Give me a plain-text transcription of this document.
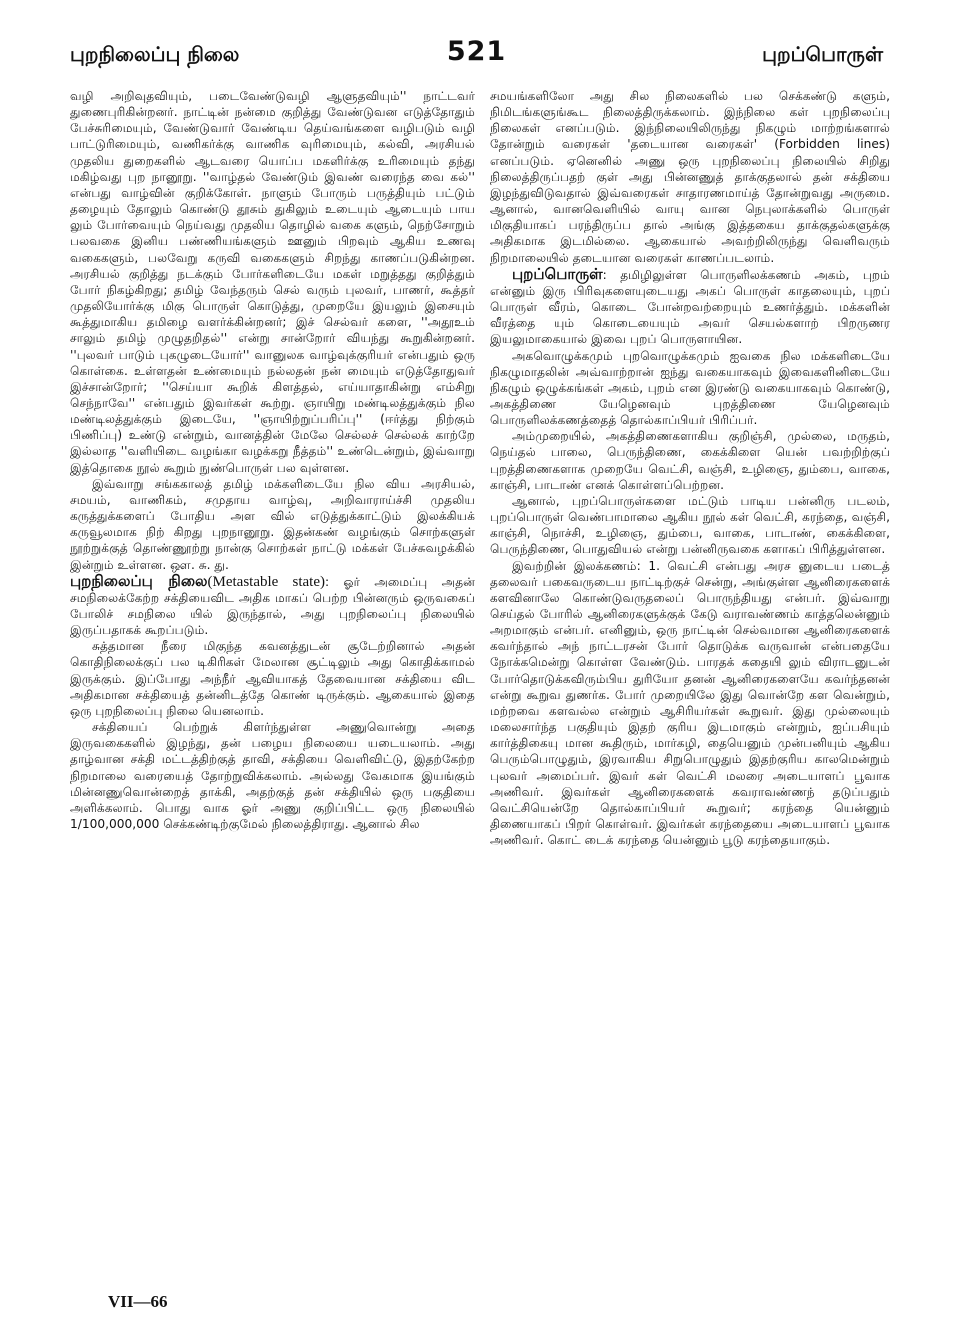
புறநிலைப்பு நிலை	521	புறப்பொருள்

வழி அறிவுதவியும், படைவேண்டுவழி ஆளுதவியும்'' நாட்டவர் துணைபுரிகின்றனர். நாட்டின் நன்மை குறித்து வேண்டுவன எடுத்தோதும் பேச்சுரிமையும், வேண்டுவார் வேண்டிய தெய்வங்களை வழிபடும் வழி பாட்டுரிமையும், வணிகர்க்கு வாணிக வுரிமையும், கல்வி, அரசியல் முதலிய துறைகளில் ஆடவரை யொப்ப மகளிர்க்கு உரிமையும் தந்து மகிழ்வது புற நானூறு. ''வாழ்தல் வேண்டும் இவண் வரைந்த வை கல்'' என்பது வாழ்வின் குறிக்கோள். நாளும் போரும் பருத்தியும் பட்டும் தழையும் தோலும் கொண்டு தூசும் துகிலும் உடையும் ஆடையும் பாய லும் போர்வையும் நெய்வது முதலிய தொழில் வகை களும், நெற்சோறும் பலவகை இனிய பண்ணியங்களும் ஊனும் பிறவும் ஆகிய உணவு வகைகளும், பலவேறு கருவி வகைகளும் சிறந்து காணப்படுகின்றன. அரசியல் குறித்து நடக்கும் போர்களிடையே மகள் மறுத்தது குறித்தும் போர் நிகழ்கிறது; தமிழ் வேந்தரும் செல் வரும் புலவர், பாணர், கூத்தர் முதலியோர்க்கு மிகு பொருள் கொடுத்து, முறையே இயலும் இசையும் கூத்துமாகிய தமிழை வளர்க்கின்றனர்; இச் செல்வர் களை, ''அதூஉம் சாலும் தமிழ் முழுதறிதல்'' என்று சான்றோர் வியந்து கூறுகின்றனர். ''புலவர் பாடும் புகழுடையோர்'' வானுலக வாழ்வுக்குரியர் என்பதும் ஒரு கொள்கை. உள்ளதன் உண்மையும் நல்லதன் நன் மையும் எடுத்தோதுவர் இச்சான்றோர்; ''செய்யா கூறிக் கிளத்தல், எய்யாதாகின்று எம்சிறு செந்நாவே'' என்பதும் இவர்கள் கூற்று. ஞாயிறு மண்டிலத்துக்கும் நில மண்டிலத்துக்கும் இடையே, ''ஞாயிற்றுப்பரிப்பு'' (ஈர்த்து நிற்கும் பிணிப்பு) உண்டு என்றும், வானத்தின் மேலே செல்லச் செல்லக் காற்றே இல்லாத ''வளியிடை வழங்கா வழக்கறு நீத்தம்'' உண்டென்றும், இவ்வாறு இத்தொகை நூல் கூறும் நுண்பொருள் பல வுள்ளன.

இவ்வாறு சங்ககாலத் தமிழ் மக்களிடையே நில விய அரசியல், சமயம், வாணிகம், சமுதாய வாழ்வு, அறிவாராய்ச்சி முதலிய கருத்துக்களைப் போதிய அள வில் எடுத்துக்காட்டும் இலக்கியக் கருவூலமாக நிற் கிறது புறநானூறு. இதன்கண் வழங்கும் சொற்களுள் நூற்றுக்குத் தொண்ணூற்று நான்கு சொற்கள் நாட்டு மக்கள் பேச்சுவழக்கில் இன்றும் உள்ளன. ஔ. சு. து.

புறநிலைப்பு நிலை(Metastable state): ஓர் அமைப்பு அதன் சமநிலைக்கேற்ற சக்தியைவிட அதிக மாகப் பெற்ற பின்னரும் ஒருவகைப் போலிச் சமநிலை யில் இருந்தால், அது புறநிலைப்பு நிலையில் இருப்பதாகக் கூறப்படும்.

சுத்தமான நீரை மிகுந்த கவனத்துடன் சூடேற்றினால் அதன் கொதிநிலைக்குப் பல டிகிரிகள் மேலான சூட்டிலும் அது கொதிக்காமல் இருக்கும். இப்போது அந்நீர் ஆவியாகத் தேவையான சக்தியை விட அதிகமான சக்தியைத் தன்னிடத்தே கொண் டிருக்கும். ஆகையால் இதை ஒரு புறநிலைப்பு நிலை யெனலாம்.

சக்தியைப் பெற்றுக் கிளர்ந்துள்ள அணுவொன்று அதை இருவகைகளில் இழந்து, தன் பழைய நிலையை யடையலாம். அது தாழ்வான சக்தி மட்டத்திற்குத் தாவி, சக்தியை வெளிவிட்டு, இதற்கேற்ற நிறமாலை வரையைத் தோற்றுவிக்கலாம். அல்லது வேகமாக இயங்கும் மின்னணுவொன்றைத் தாக்கி, அதற்குத் தன் சக்தியில் ஒரு பகுதியை அளிக்கலாம். பொது வாக ஓர் அணு குறிப்பிட்ட ஒரு நிலையில் 1/100,000,000 செக்கண்டிற்குமேல் நிலைத்திராது. ஆனால் சில

சமயங்களிலோ அது சில நிலைகளில் பல செக்கண்டு களும், நிமிடங்களுங்கூட நிலைத்திருக்கலாம். இந்நிலை கள் புறநிலைப்பு நிலைகள் எனப்படும். இந்நிலையிலிருந்து நிகழும் மாற்றங்களால் தோன்றும் வரைகள் 'தடையான வரைகள்' (Forbidden lines) எனப்படும். ஏனெனில் அணு ஒரு புறநிலைப்பு நிலையில் சிறிது நிலைத்திருப்பதற் குள் அது பின்னணுத் தாக்குதலால் தன் சக்தியை இழந்துவிடுவதால் இவ்வரைகள் சாதாரணமாய்த் தோன்றுவது அருமை. ஆனால், வானவெளியில் வாயு வான நெபுலாக்களில் பொருள் மிகுதியாகப் பரந்திருப்ப தால் அங்கு இத்தகைய தாக்குதல்களுக்கு அதிகமாக இடமில்லை. ஆகையால் அவற்றிலிருந்து வெளிவரும் நிறமாலையில் தடையான வரைகள் காணப்படலாம்.

புறப்பொருள்: தமிழிலுள்ள பொருளிலக்கணம் அகம், புறம் என்னும் இரு பிரிவுகளையுடையது அகப் பொருள் காதலையும், புறப் பொருள் வீரம், கொடை போன்றவற்றையும் உணர்த்தும். மக்களின் வீரத்தை யும் கொடையையும் அவர் செயல்களாற் பிறருணர இயலுமாகையால் இவை புறப் பொருளாயின.

அகவொழுக்கமும் புறவொழுக்கமும் ஐவகை நில மக்களிடையே நிகழுமாதலின் அவ்வாற்றான் ஐந்து வகையாகவும் இவைகளினிடையே நிகழும் ஒழுக்கங்கள் அகம், புறம் என இரண்டு வகையாகவும் கொண்டு, அகத்திணை யேழெனவும் புறத்திணை யேழெனவும் பொருளிலக்கணத்தைத் தொல்காப்பியர் பிரிப்பர்.

அம்முறையில், அகத்திணைகளாகிய குறிஞ்சி, முல்லை, மருதம், நெய்தல் பாலை, பெருந்திணை, கைக்கிளை யென் பவற்றிற்குப் புறத்திணைகளாக முறையே வெட்சி, வஞ்சி, உழிஞை, தும்பை, வாகை, காஞ்சி, பாடாண் எனக் கொள்ளப்பெற்றன.

ஆனால், புறப்பொருள்களை மட்டும் பாடிய பன்னிரு படலம், புறப்பொருள் வெண்பாமாலை ஆகிய நூல் கள் வெட்சி, கரந்தை, வஞ்சி, காஞ்சி, நொச்சி, உழிஞை, தும்பை, வாகை, பாடாண், கைக்கிளை, பெருந்திணை, பொதுவியல் என்று பன்னிருவகை களாகப் பிரித்துள்ளன.

இவற்றின் இலக்கணம்: 1. வெட்சி என்பது அரச னுடைய படைத் தலைவர் பகைவருடைய நாட்டிற்குச் சென்று, அங்குள்ள ஆனிரைகளைக் களவினாலே கொண்டுவருதலைப் பொருந்தியது என்பர். இவ்வாறு செய்தல் போரில் ஆனிரைகளுக்குக் கேடு வராவண்ணம் காத்தலென்னும் அறமாகும் என்பர். எனினும், ஒரு நாட்டின் செல்வமான ஆனிரைகளைக் கவர்ந்தால் அந் நாட்டரசன் போர் தொடுக்க வருவான் என்பதையே நோக்கமென்று கொள்ள வேண்டும். பாரதக் கதையி லும் விராடனுடன் போர்தொடுக்கவிரும்பிய துரியோ தனன் ஆனிரைகளையே கவர்ந்தனன் என்று கூறுவ துணர்க. போர் முறையிலே இது வொன்றே கள வென்றும், மற்றவை களவல்ல என்றும் ஆசிரியர்கள் கூறுவர். இது முல்லையும் மலைசார்ந்த பகுதியும் இதற் குரிய இடமாகும் என்றும், ஐப்பசியும் கார்த்திகையு மான கூதிரும், மார்கழி, தையெனும் முன்பனியும் ஆகிய பெரும்பொழுதும், இரவாகிய சிறுபொழுதும் இதற்குரிய காலமென்றும் புலவர் அமைப்பர். இவர் கள் வெட்சி மலரை அடையாளப் பூவாக அணிவர். இவர்கள் ஆனிரைகளைக் கவராவண்ணந் தடுப்பதும் வெட்சியென்றே தொல்காப்பியர் கூறுவர்; கரந்தை யென்னும் திணையாகப் பிறர் கொள்வர். இவர்கள் கரந்தையை அடையாளப் பூவாக அணிவர். கொட் டைக் கரந்தை யென்னும் பூடு கரந்தையாகும்.

VII—66
